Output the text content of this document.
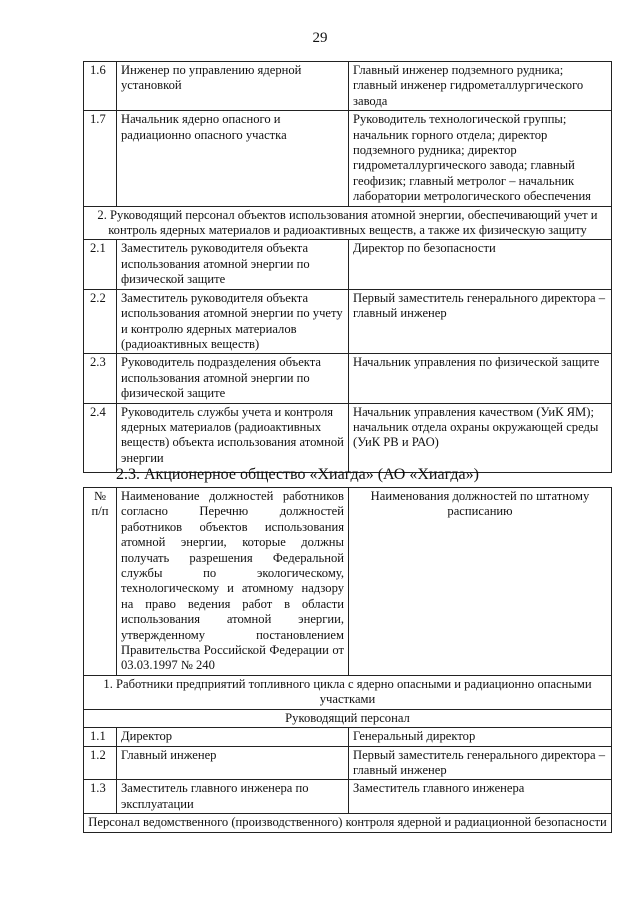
29
1.6	Инженер по управлению ядерной установкой	Главный инженер подземного рудника; главный инженер гидрометаллургического завода
1.7	Начальник ядерно опасного и радиационно опасного участка	Руководитель технологической группы; начальник горного отдела; директор подземного рудника; директор гидрометаллургического завода; главный геофизик; главный метролог – начальник лаборатории метрологического обеспечения
2. Руководящий персонал объектов использования атомной энергии, обеспечивающий учет и контроль ядерных материалов и радиоактивных веществ, а также их физическую защиту		
2.1	Заместитель руководителя объекта использования атомной энергии по физической защите	Директор по безопасности
2.2	Заместитель руководителя объекта использования атомной энергии по учету и контролю ядерных материалов (радиоактивных веществ)	Первый заместитель генерального директора – главный инженер
2.3	Руководитель подразделения объекта использования атомной энергии по физической защите	Начальник управления по физической защите
2.4	Руководитель службы учета и контроля ядерных материалов (радиоактивных веществ) объекта использования атомной энергии	Начальник управления качеством (УиК ЯМ); начальник отдела охраны окружающей среды (УиК РВ и РАО)
2.3. Акционерное общество «Хиагда» (АО «Хиагда»)
№ п/п	Наименование должностей работников согласно Перечню должностей работников объектов использования атомной энергии, которые должны получать разрешения Федеральной службы по экологическому, технологическому и атомному надзору на право ведения работ в области использования атомной энергии, утвержденному постановлением Правительства Российской Федерации от 03.03.1997 № 240	Наименования должностей по штатному расписанию
1. Работники предприятий топливного цикла с ядерно опасными и радиационно опасными участками		
Руководящий персонал		
1.1	Директор	Генеральный директор
1.2	Главный инженер	Первый заместитель генерального директора – главный инженер
1.3	Заместитель главного инженера по эксплуатации	Заместитель главного инженера
Персонал ведомственного (производственного) контроля ядерной и радиационной безопасности		
